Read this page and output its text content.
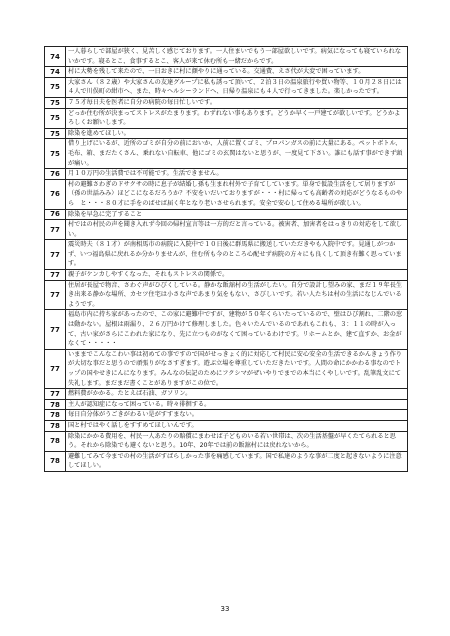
74	一人暮らしで部屋が狭く、見苦しく感じております。一人住まいでもう一部屋欲しいです。病気になっても寝ていられないかです。寝るとこ、食事するとこ、客人が来て休む所も一緒だからです。

74	村に大勢を残して来たので、一日おきに村に顔やりに通っている。交通費、えさ代が大変で困っています。

75	大家さん（８２歳）や大家さんの友達グループに私も誘って頂いて、２泊３日の温泉旅行や買い物等、１０月２８日には４人で川俣町の紺市へ、また、時々ヘルシーランドへ、日帰り温泉にも４人で行ってきました。楽しかったです。

75	７５才毎日夫を医者に自分の病院の毎日忙しいです。

75	どっか住む所が決まってストレスがたまります。わずれない事もあります。どうか早く一戸建てが欲しいです。どうかよろしくお願いします。

75	除染を進めてほしい。

75	借り上げにいるが、近所のゴミが自分の前においか、人前に置くゴミ、プロパンガスの前に大量にある。ペットボトル、毛布、箱、まだたくさん、乗れない自転車、他にゴミの玄関はないと思うが、一度見て下さい。誰にも話す事ができず頭が痛い。

76	月１０万円の生活費では不可能です。生活できません。

76	村の避難さわぎのドサクサの時に息子が結婚し孫も生まれ村外で子育てしています。単身で仮設生活をして居りますが（孫の世話みみ）ほどこになるだろうか？不安をいだいておりますが・・・村に帰っても高齢者の対応がどうなるものやら　と・・・８０才に手をのばせば届く年となり老いさせられます。安全で安心して住める場所が欲しい。

76	除染を早急に完了すること

77	村ではの村民の声を聞き入れず今回の帰村宣言等は一方的だと言っている。被害者、加害者をはっきりの対応をして欲しい。

77	震災時夫（８１才）が南相馬市の病院に入院中で１０日後に群馬県に搬送していただきやも入院中です。見通しがつかず、いつ福島県に戻れるか分かりませんが、住む所も今のところ心配せず病院の方々にも良くして頂き有難く思っています。

77	親子がケンカしやすくなった、それもストレスの関係で。

77	住居が長屋で物音、さわぐ声がひびくしている。静かな飯舘村の生活がしたい。自分で設計し望みの家、まだ１９年長生き出来る静かな場所、カセツ住宅は小さな声であまり気をもない、さびしいです。若い人たちは村の生活になじんでいるようです。

77	福島市内に持ち家があったので、この家に避難中ですが、建物が５０年くらいたっているので、壁はひび割れ、二階の窓は動かない。屋根は雨漏り、２６万円かけて修理しました。色々いたんでいるのであれもこれも、３：１１の時が入って、古い家がさらにこわれた家になり、先に立つものがなくて困っているわけです。リホームとか、建て直すか、お金がなくて・・・・・

77	いままでこんなこわい事は初めての事ですので国がせっきょく的に対応して村民に安心安全の生活できるかんきょう作りが大切な事だと思うので頑張りがなさすぎます。遊ぶ立場を尊重していただきたいです。人間の命にかかわる事なのでトップの国やせきにんになります。みんなの伝記のためにフクシマがぜいやりでまでの本当にくやしいです。乱筆乱文にて失礼します。まだまだ書くことがありますがこの位で。

77	燃料費がかかる。たとえば石油、ガソリン。

78	主人が認知症になって困っている。時々徘徊する。

78	毎日自分体がうごきがわるい是がすすまない。

78	国と村ではやく話しをすすめてほしいんです。

78	除染にかかる費用を、村民一人あたりの賠償にまわせば子どものいる若い世帯は、次の生活基盤が早くたてられると思う。それから除染でも避くないと思う。10年、20年では前の飯舘村には戻れないから。

78	避難してみて今までの村の生活がすばらしかった事を痛感しています。国で私達のような事が二度と起きないように注意してほしい。
33
